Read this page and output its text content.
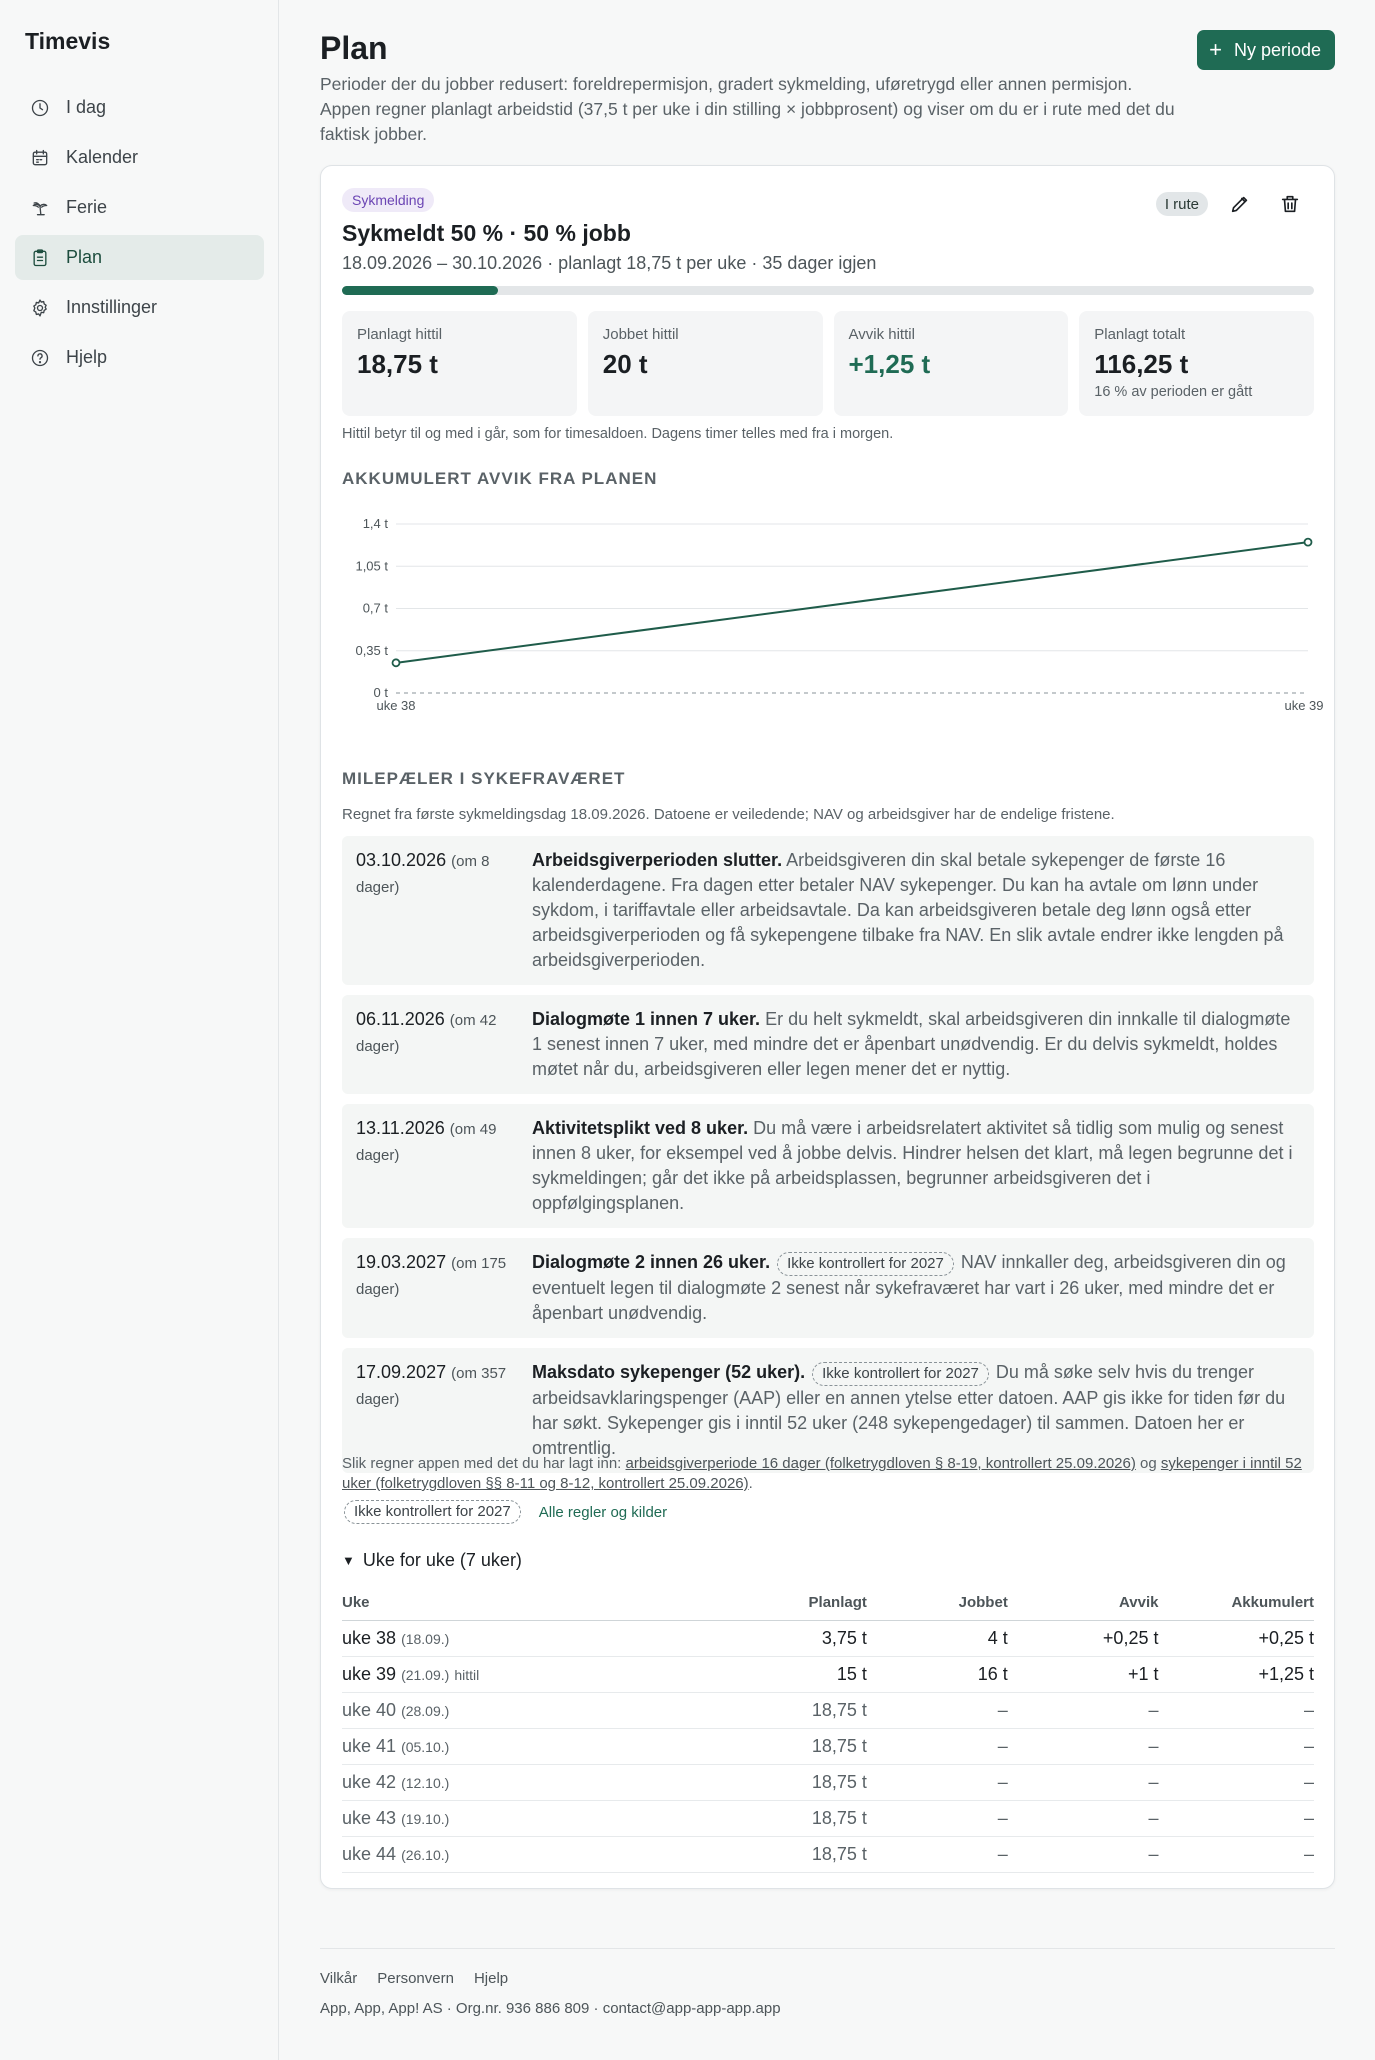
Timevis
I dag
Kalender
Ferie
Plan
Innstillinger
Hjelp
Plan	+ Ny periode
Perioder der du jobber redusert: foreldrepermisjon, gradert sykmelding, uføretrygd eller annen permisjon. Appen regner planlagt arbeidstid (37,5 t per uke i din stilling × jobbprosent) og viser om du er i rute med det du faktisk jobber.
Sykmelding	I rute
Sykmeldt 50 % · 50 % jobb
18.09.2026 – 30.10.2026 · planlagt 18,75 t per uke · 35 dager igjen
Planlagt hittil
18,75 t
Jobbet hittil
20 t
Avvik hittil
+1,25 t
Planlagt totalt
116,25 t
16 % av perioden er gått
Hittil betyr til og med i går, som for timesaldoen. Dagens timer telles med fra i morgen.
AKKUMULERT AVVIK FRA PLANEN
0 t
0,35 t
0,7 t
1,05 t
1,4 t
uke 38	uke 39
MILEPÆLER I SYKEFRAVÆRET
Regnet fra første sykmeldingsdag 18.09.2026. Datoene er veiledende; NAV og arbeidsgiver har de endelige fristene.
03.10.2026 (om 8 dager)
Arbeidsgiverperioden slutter. Arbeidsgiveren din skal betale sykepenger de første 16 kalenderdagene. Fra dagen etter betaler NAV sykepenger. Du kan ha avtale om lønn under sykdom, i tariffavtale eller arbeidsavtale. Da kan arbeidsgiveren betale deg lønn også etter arbeidsgiverperioden og få sykepengene tilbake fra NAV. En slik avtale endrer ikke lengden på arbeidsgiverperioden.
06.11.2026 (om 42 dager)
Dialogmøte 1 innen 7 uker. Er du helt sykmeldt, skal arbeidsgiveren din innkalle til dialogmøte 1 senest innen 7 uker, med mindre det er åpenbart unødvendig. Er du delvis sykmeldt, holdes møtet når du, arbeidsgiveren eller legen mener det er nyttig.
13.11.2026 (om 49 dager)
Aktivitetsplikt ved 8 uker. Du må være i arbeidsrelatert aktivitet så tidlig som mulig og senest innen 8 uker, for eksempel ved å jobbe delvis. Hindrer helsen det klart, må legen begrunne det i sykmeldingen; går det ikke på arbeidsplassen, begrunner arbeidsgiveren det i oppfølgingsplanen.
19.03.2027 (om 175 dager)
Dialogmøte 2 innen 26 uker. Ikke kontrollert for 2027 NAV innkaller deg, arbeidsgiveren din og eventuelt legen til dialogmøte 2 senest når sykefraværet har vart i 26 uker, med mindre det er åpenbart unødvendig.
17.09.2027 (om 357 dager)
Maksdato sykepenger (52 uker). Ikke kontrollert for 2027 Du må søke selv hvis du trenger arbeidsavklaringspenger (AAP) eller en annen ytelse etter datoen. AAP gis ikke for tiden før du har søkt. Sykepenger gis i inntil 52 uker (248 sykepengedager) til sammen. Datoen her er omtrentlig.
Slik regner appen med det du har lagt inn: arbeidsgiverperiode 16 dager (folketrygdloven § 8-19, kontrollert 25.09.2026) og sykepenger i inntil 52 uker (folketrygdloven §§ 8-11 og 8-12, kontrollert 25.09.2026).
Ikke kontrollert for 2027	Alle regler og kilder
▼ Uke for uke (7 uker)
Uke	Planlagt	Jobbet	Avvik	Akkumulert
uke 38 (18.09.)	3,75 t	4 t	+0,25 t	+0,25 t
uke 39 (21.09.) hittil	15 t	16 t	+1 t	+1,25 t
uke 40 (28.09.)	18,75 t	–	–	–
uke 41 (05.10.)	18,75 t	–	–	–
uke 42 (12.10.)	18,75 t	–	–	–
uke 43 (19.10.)	18,75 t	–	–	–
uke 44 (26.10.)	18,75 t	–	–	–
Vilkår Personvern Hjelp
App, App, App! AS · Org.nr. 936 886 809 · contact@app-app-app.app
